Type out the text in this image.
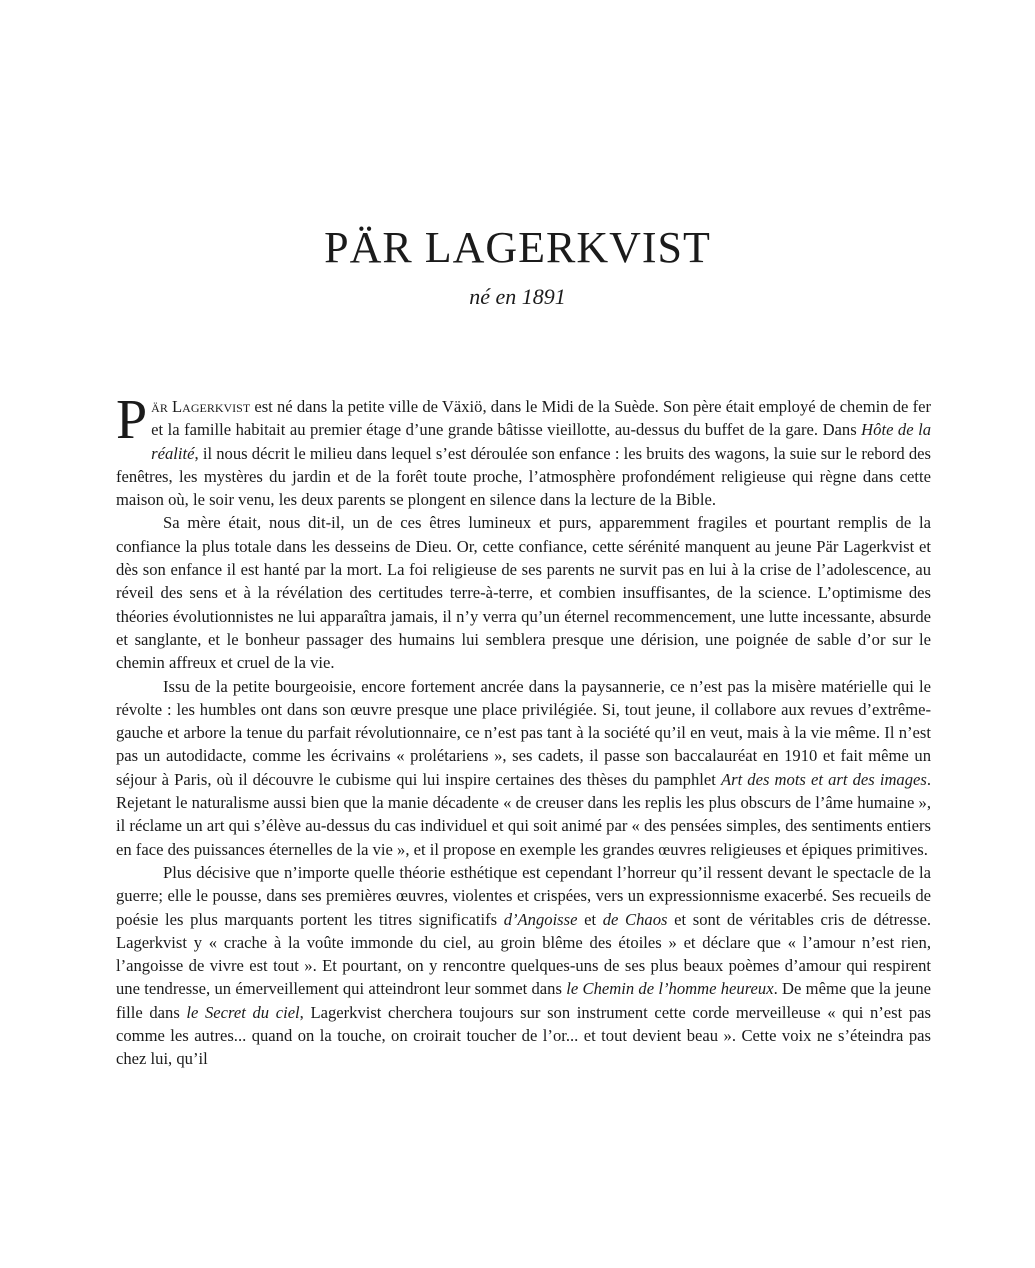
PÄR LAGERKVIST
né en 1891

Pär Lagerkvist est né dans la petite ville de Växiö, dans le Midi de la Suède. Son père était employé de chemin de fer et la famille habitait au premier étage d’une grande bâtisse vieillotte, au-dessus du buffet de la gare. Dans Hôte de la réalité, il nous décrit le milieu dans lequel s’est déroulée son enfance : les bruits des wagons, la suie sur le rebord des fenêtres, les mystères du jardin et de la forêt toute proche, l’atmosphère profondément religieuse qui règne dans cette maison où, le soir venu, les deux parents se plongent en silence dans la lecture de la Bible.

Sa mère était, nous dit-il, un de ces êtres lumineux et purs, apparemment fragiles et pourtant remplis de la confiance la plus totale dans les desseins de Dieu. Or, cette confiance, cette sérénité manquent au jeune Pär Lagerkvist et dès son enfance il est hanté par la mort. La foi religieuse de ses parents ne survit pas en lui à la crise de l’adolescence, au réveil des sens et à la révélation des certitudes terre-à-terre, et combien insuffisantes, de la science. L’optimisme des théories évolutionnistes ne lui apparaîtra jamais, il n’y verra qu’un éternel recommencement, une lutte incessante, absurde et sanglante, et le bonheur passager des humains lui semblera presque une dérision, une poignée de sable d’or sur le chemin affreux et cruel de la vie.

Issu de la petite bourgeoisie, encore fortement ancrée dans la paysannerie, ce n’est pas la misère matérielle qui le révolte : les humbles ont dans son œuvre presque une place privilégiée. Si, tout jeune, il collabore aux revues d’extrême-gauche et arbore la tenue du parfait révolutionnaire, ce n’est pas tant à la société qu’il en veut, mais à la vie même. Il n’est pas un autodidacte, comme les écrivains « prolétariens », ses cadets, il passe son baccalauréat en 1910 et fait même un séjour à Paris, où il découvre le cubisme qui lui inspire certaines des thèses du pamphlet Art des mots et art des images. Rejetant le naturalisme aussi bien que la manie décadente « de creuser dans les replis les plus obscurs de l’âme humaine », il réclame un art qui s’élève au-dessus du cas individuel et qui soit animé par « des pensées simples, des sentiments entiers en face des puissances éternelles de la vie », et il propose en exemple les grandes œuvres religieuses et épiques primitives.

Plus décisive que n’importe quelle théorie esthétique est cependant l’horreur qu’il ressent devant le spectacle de la guerre; elle le pousse, dans ses premières œuvres, violentes et crispées, vers un expressionnisme exacerbé. Ses recueils de poésie les plus marquants portent les titres significatifs d’Angoisse et de Chaos et sont de véritables cris de détresse. Lagerkvist y « crache à la voûte immonde du ciel, au groin blême des étoiles » et déclare que « l’amour n’est rien, l’angoisse de vivre est tout ». Et pourtant, on y rencontre quelques-uns de ses plus beaux poèmes d’amour qui respirent une tendresse, un émerveillement qui atteindront leur sommet dans le Chemin de l’homme heureux. De même que la jeune fille dans le Secret du ciel, Lagerkvist cherchera toujours sur son instrument cette corde merveilleuse « qui n’est pas comme les autres... quand on la touche, on croirait toucher de l’or... et tout devient beau ». Cette voix ne s’éteindra pas chez lui, qu’il
